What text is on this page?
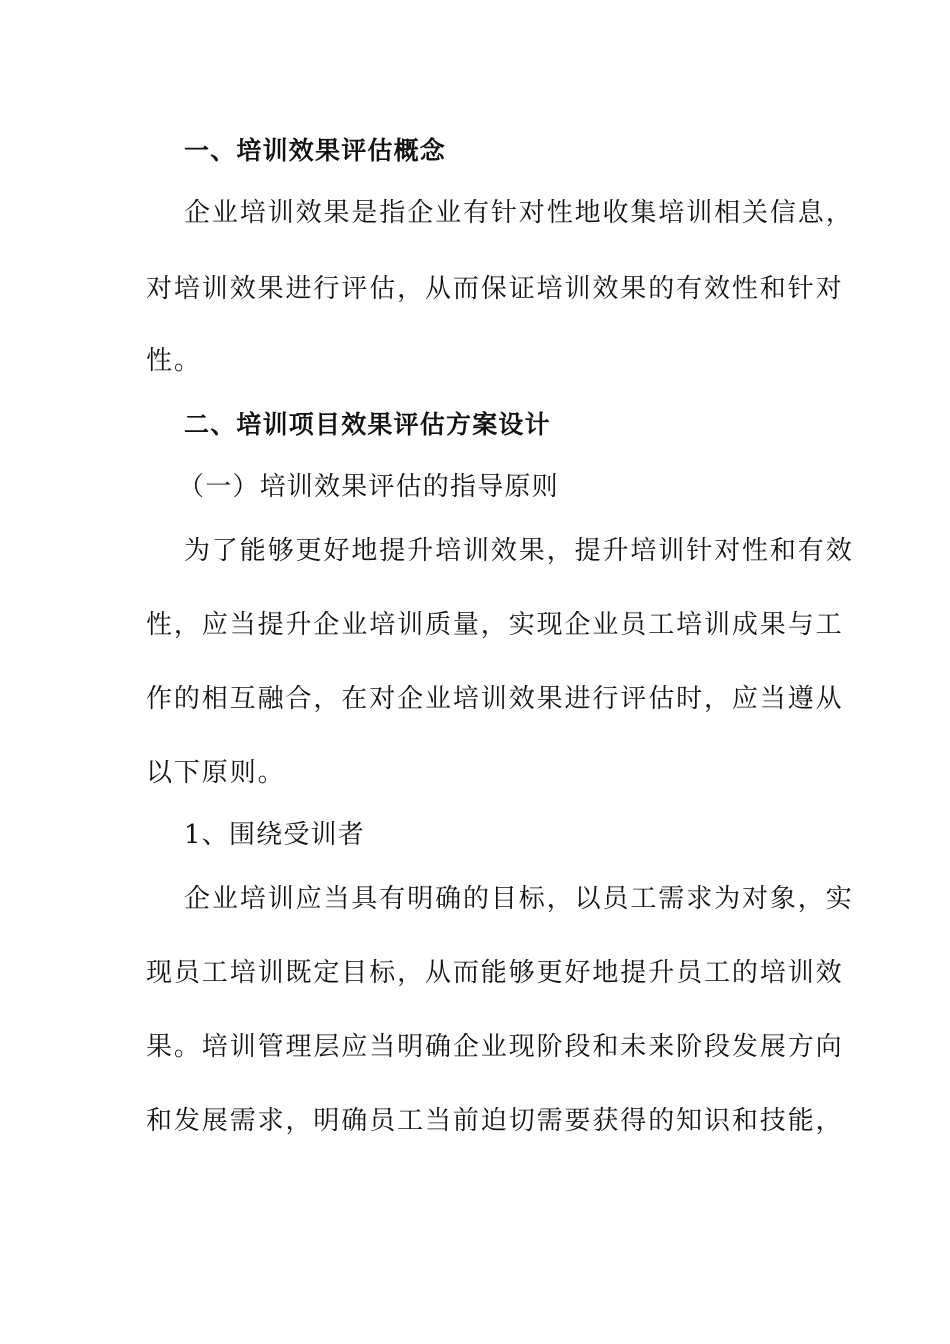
一、培训效果评估概念
企业培训效果是指企业有针对性地收集培训相关信息，
对培训效果进行评估，从而保证培训效果的有效性和针对
性。
二、培训项目效果评估方案设计
（一）培训效果评估的指导原则
为了能够更好地提升培训效果，提升培训针对性和有效
性，应当提升企业培训质量，实现企业员工培训成果与工
作的相互融合，在对企业培训效果进行评估时，应当遵从
以下原则。
1、围绕受训者
企业培训应当具有明确的目标，以员工需求为对象，实
现员工培训既定目标，从而能够更好地提升员工的培训效
果。培训管理层应当明确企业现阶段和未来阶段发展方向
和发展需求，明确员工当前迫切需要获得的知识和技能，
